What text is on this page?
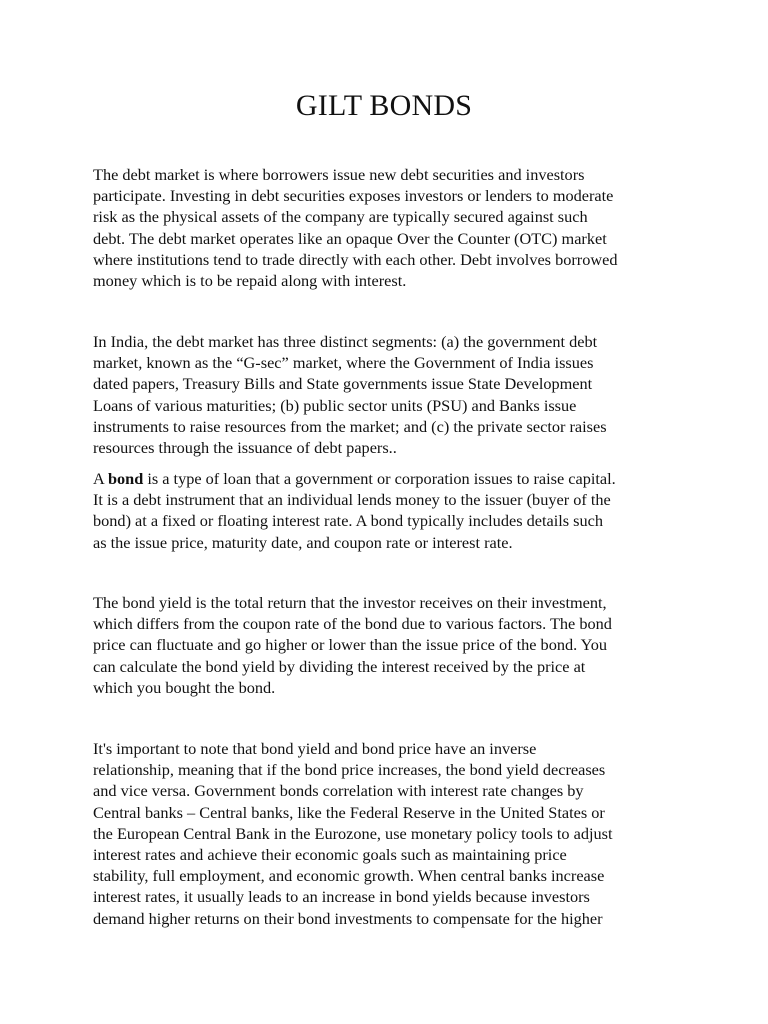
GILT BONDS
The debt market is where borrowers issue new debt securities and investors
participate. Investing in debt securities exposes investors or lenders to moderate
risk as the physical assets of the company are typically secured against such
debt. The debt market operates like an opaque Over the Counter (OTC) market
where institutions tend to trade directly with each other. Debt involves borrowed
money which is to be repaid along with interest.
In India, the debt market has three distinct segments: (a) the government debt
market, known as the “G-sec” market, where the Government of India issues
dated papers, Treasury Bills and State governments issue State Development
Loans of various maturities; (b) public sector units (PSU) and Banks issue
instruments to raise resources from the market; and (c) the private sector raises
resources through the issuance of debt papers..
A bond is a type of loan that a government or corporation issues to raise capital.
It is a debt instrument that an individual lends money to the issuer (buyer of the
bond) at a fixed or floating interest rate. A bond typically includes details such
as the issue price, maturity date, and coupon rate or interest rate.
The bond yield is the total return that the investor receives on their investment,
which differs from the coupon rate of the bond due to various factors. The bond
price can fluctuate and go higher or lower than the issue price of the bond. You
can calculate the bond yield by dividing the interest received by the price at
which you bought the bond.
It's important to note that bond yield and bond price have an inverse
relationship, meaning that if the bond price increases, the bond yield decreases
and vice versa. Government bonds correlation with interest rate changes by
Central banks – Central banks, like the Federal Reserve in the United States or
the European Central Bank in the Eurozone, use monetary policy tools to adjust
interest rates and achieve their economic goals such as maintaining price
stability, full employment, and economic growth. When central banks increase
interest rates, it usually leads to an increase in bond yields because investors
demand higher returns on their bond investments to compensate for the higher
